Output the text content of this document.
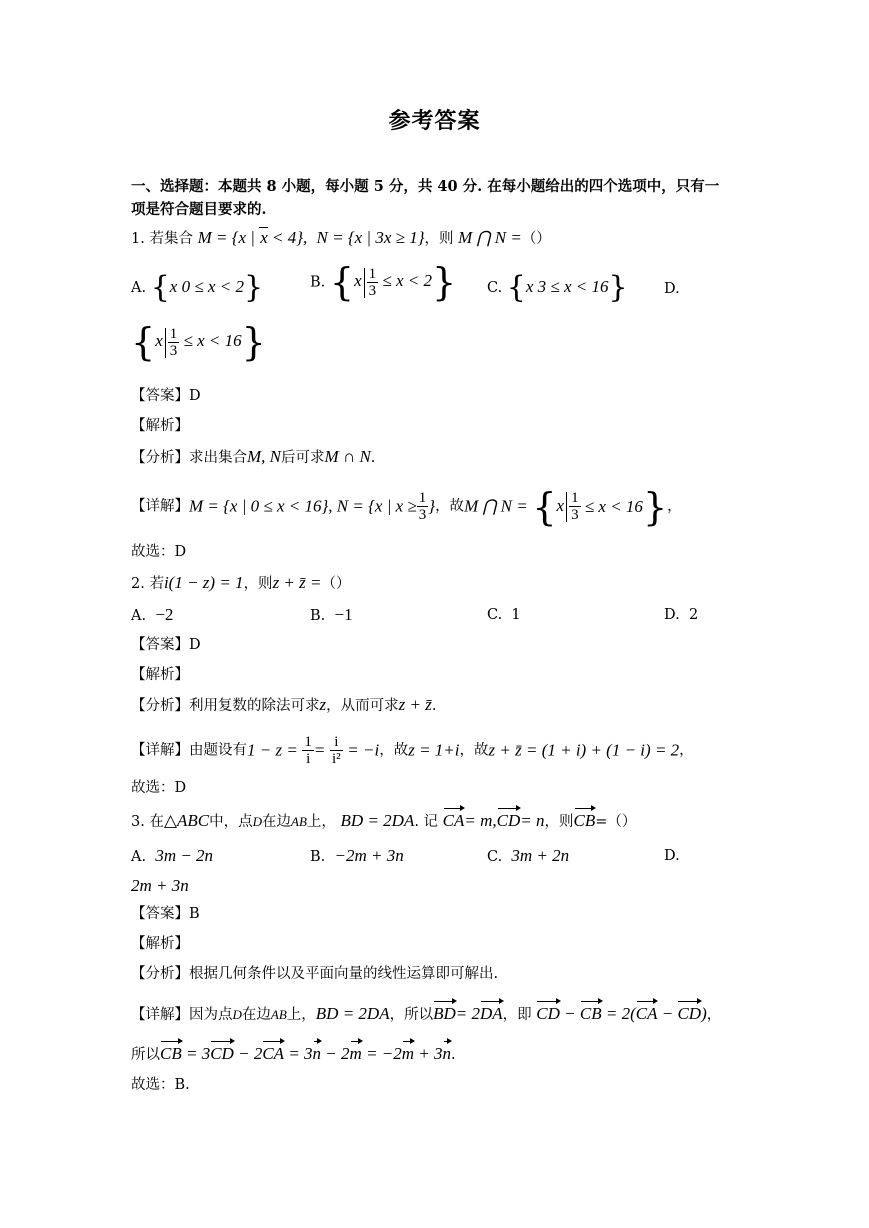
参考答案
一、选择题：本题共 8 小题，每小题 5 分，共 40 分. 在每小题给出的四个选项中，只有一
项是符合题目要求的.
1. 若集合 M = {x | x < 4}, N = {x | 3x ≥ 1}，则 M ⋂ N =（）
A. {x 0 ≤ x < 2}	B. $\{x \frac{1}{3} \le x < 2\}$ C. {x 3 ≤ x < 16}	D.
$\{x \frac{1}{3} \le x < 16\}$
【答案】D
【解析】
【分析】求出集合M, N后可求M ∩ N.
【详解】M = {x | 0 ≤ x < 16}, N = {x | $x \ge \frac{1}{3}$ }，故M ⋂ $N = \{x \frac{1}{3} \le x < 16\}$，
故选：D
2. 若i(1 − z) = 1，则z + z̄ =（）
A. −2	B. −1	C. 1	D. 2
【答案】D
【解析】
【分析】利用复数的除法可求z，从而可求z + z̄.
【详解】由题设有$1 - z = \frac{1}{i} = \frac{i}{\text{i²}} = -i$，故z = 1+i，故z + z̄ = (1 + i) + (1 − i) = 2，
故选：D
3. 在△ABC中，点D在边AB上， BD = 2DA. 记 CA= m,CD= n，则CB=（）
A. 3m − 2n	B. −2m + 3n	C. 3m + 2n	D.
2m + 3n
【答案】B
【解析】
【分析】根据几何条件以及平面向量的线性运算即可解出.
【详解】因为点D在边AB上，BD = 2DA，所以BD= 2DA，即 CD − CB = 2(CA − CD)，
所以CB = 3CD − 2CA = 3n − 2m = −2m + 3n.
故选：B.
